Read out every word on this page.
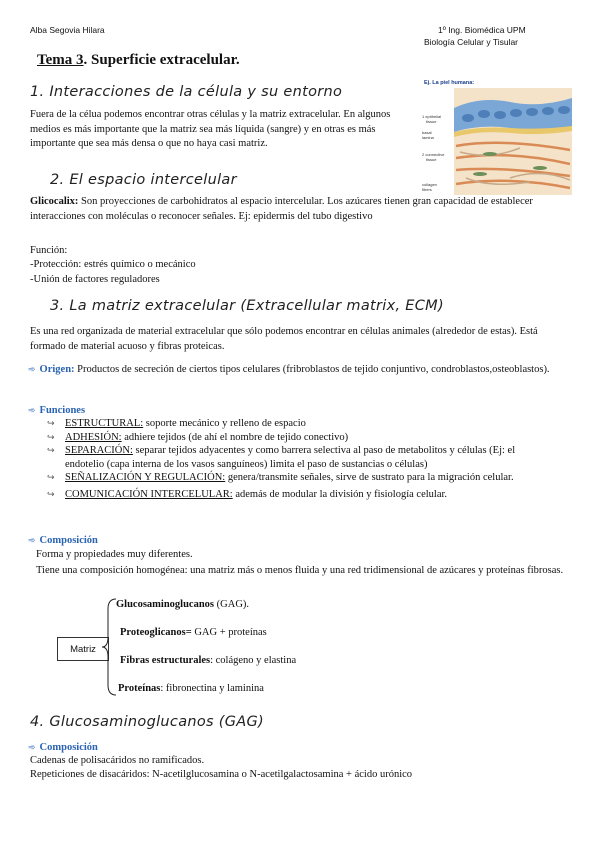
Alba Segovia Hilara	1º Ing. Biomédica UPM
Biología Celular y Tisular
Tema 3. Superficie extracelular.
1. Interacciones de la célula y su entorno
Fuera de la célua podemos encontrar otras células y la matriz extracelular. En algunos medios es más importante que la matriz sea más líquida (sangre) y en otras es más importante que sea más densa o que no haya casi matriz.
Ej. La piel humana:
1 epithelial
tissue
basal
lamina
2 connective
tissue
collagen
fibers
2. El espacio intercelular
Glicocalix: Son proyecciones de carbohidratos al espacio intercelular. Los azúcares tienen gran capacidad de establecer interacciones con moléculas o reconocer señales. Ej: epidermis del tubo digestivo
Función:
-Protección: estrés químico o mecánico
-Unión de factores reguladores
3. La matriz extracelular (Extracellular matrix, ECM)
Es una red organizada de material extracelular que sólo podemos encontrar en células animales (alrededor de estas). Está formado de material acuoso y fibras proteicas.
➾ Origen: Productos de secreción de ciertos tipos celulares (fribroblastos de tejido conjuntivo, condroblastos,osteoblastos).
➾ Funciones
↪ ESTRUCTURAL: soporte mecánico y relleno de espacio
↪ ADHESIÓN: adhiere tejidos (de ahí el nombre de tejido conectivo)
↪ SEPARACIÓN: separar tejidos adyacentes y como barrera selectiva al paso de metabolitos y células (Ej: el endotelio (capa interna de los vasos sanguíneos) limita el paso de sustancias o células)
↪ SEÑALIZACIÓN Y REGULACIÓN: genera/transmite señales, sirve de sustrato para la migración celular.
↪ COMUNICACIÓN INTERCELULAR: además de modular la división y fisiología celular.
➾ Composición
Forma y propiedades muy diferentes.
Tiene una composición homogénea: una matriz más o menos fluida y una red tridimensional de azúcares y proteínas fibrosas.
Matriz
Glucosaminoglucanos (GAG).
Proteoglicanos= GAG + proteínas
Fibras estructurales: colágeno y elastina
Proteínas: fibronectina y laminina
4. Glucosaminoglucanos (GAG)
➾ Composición
Cadenas de polisacáridos no ramificados.
Repeticiones de disacáridos: N-acetilglucosamina o N-acetilgalactosamina + ácido urónico
